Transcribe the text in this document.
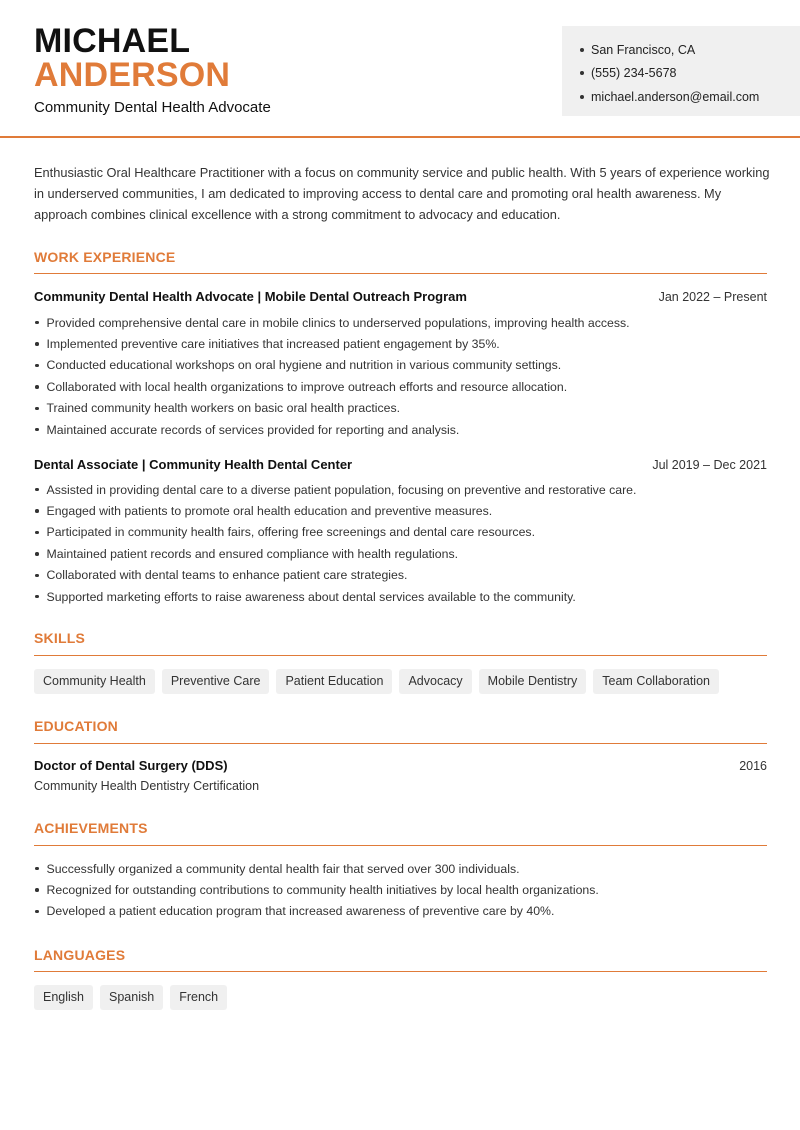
MICHAEL
ANDERSON
Community Dental Health Advocate
San Francisco, CA
(555) 234-5678
michael.anderson@email.com
Enthusiastic Oral Healthcare Practitioner with a focus on community service and public health. With 5 years of experience working in underserved communities, I am dedicated to improving access to dental care and promoting oral health awareness. My approach combines clinical excellence with a strong commitment to advocacy and education.
WORK EXPERIENCE
Community Dental Health Advocate | Mobile Dental Outreach Program	Jan 2022 – Present
Provided comprehensive dental care in mobile clinics to underserved populations, improving health access.
Implemented preventive care initiatives that increased patient engagement by 35%.
Conducted educational workshops on oral hygiene and nutrition in various community settings.
Collaborated with local health organizations to improve outreach efforts and resource allocation.
Trained community health workers on basic oral health practices.
Maintained accurate records of services provided for reporting and analysis.
Dental Associate | Community Health Dental Center	Jul 2019 – Dec 2021
Assisted in providing dental care to a diverse patient population, focusing on preventive and restorative care.
Engaged with patients to promote oral health education and preventive measures.
Participated in community health fairs, offering free screenings and dental care resources.
Maintained patient records and ensured compliance with health regulations.
Collaborated with dental teams to enhance patient care strategies.
Supported marketing efforts to raise awareness about dental services available to the community.
SKILLS
Community Health	Preventive Care	Patient Education	Advocacy	Mobile Dentistry	Team Collaboration
EDUCATION
Doctor of Dental Surgery (DDS)	2016
Community Health Dentistry Certification
ACHIEVEMENTS
Successfully organized a community dental health fair that served over 300 individuals.
Recognized for outstanding contributions to community health initiatives by local health organizations.
Developed a patient education program that increased awareness of preventive care by 40%.
LANGUAGES
English	Spanish	French
